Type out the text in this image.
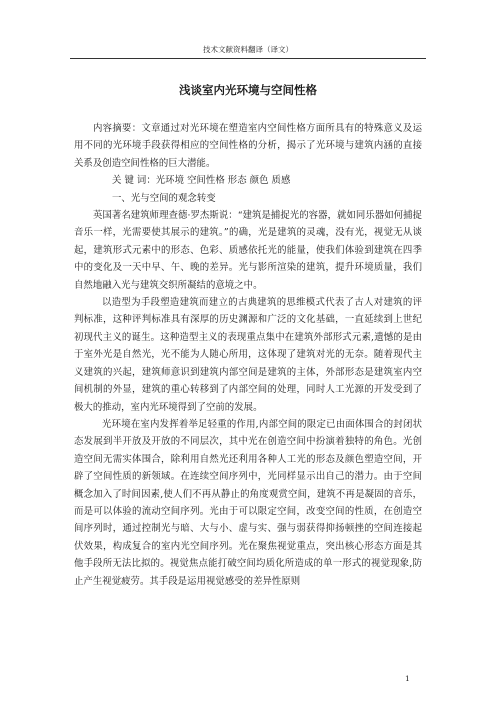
技术文献资料翻译（译文）
浅谈室内光环境与空间性格

内容摘要：文章通过对光环境在塑造室内空间性格方面所具有的特殊意义及运用不同的光环境手段获得相应的空间性格的分析，揭示了光环境与建筑内涵的直接关系及创造空间性格的巨大潜能。

关 键 词：光环境 空间性格 形态 颜色 质感

一、光与空间的观念转变

英国著名建筑师理查德·罗杰斯说：“建筑是捕捉光的容器，就如同乐器如何捕捉音乐一样，光需要使其展示的建筑。”的确，光是建筑的灵魂，没有光，视觉无从谈起，建筑形式元素中的形态、色彩、质感依托光的能量，使我们体验到建筑在四季中的变化及一天中早、午、晚的差异。光与影所渲染的建筑，提升环境质量，我们自然地融入光与建筑交织所凝结的意境之中。

以造型为手段塑造建筑而建立的古典建筑的思维模式代表了古人对建筑的评判标准，这种评判标准具有深厚的历史渊源和广泛的文化基础，一直延续到上世纪初现代主义的诞生。这种造型主义的表现重点集中在建筑外部形式元素,遗憾的是由于室外光是自然光，光不能为人随心所用，这体现了建筑对光的无奈。随着现代主义建筑的兴起，建筑师意识到建筑内部空间是建筑的主体，外部形态是建筑室内空间机制的外显，建筑的重心转移到了内部空间的处理，同时人工光源的开发受到了极大的推动，室内光环境得到了空前的发展。

光环境在室内发挥着举足轻重的作用,内部空间的限定已由面体围合的封闭状态发展到半开放及开放的不同层次，其中光在创造空间中扮演着独特的角色。光创造空间无需实体围合，除利用自然光还利用各种人工光的形态及颜色塑造空间，开辟了空间性质的新领域。在连续空间序列中，光同样显示出自己的潜力。由于空间概念加入了时间因素,使人们不再从静止的角度观赏空间，建筑不再是凝固的音乐，而是可以体验的流动空间序列。光由于可以限定空间，改变空间的性质，在创造空间序列时，通过控制光与暗、大与小、虚与实、强与弱获得抑扬顿挫的空间连接起伏效果，构成复合的室内光空间序列。光在聚焦视觉重点，突出核心形态方面是其他手段所无法比拟的。视觉焦点能打破空间均质化所造成的单一形式的视觉现象,防止产生视觉疲劳。其手段是运用视觉感受的差异性原则

1
